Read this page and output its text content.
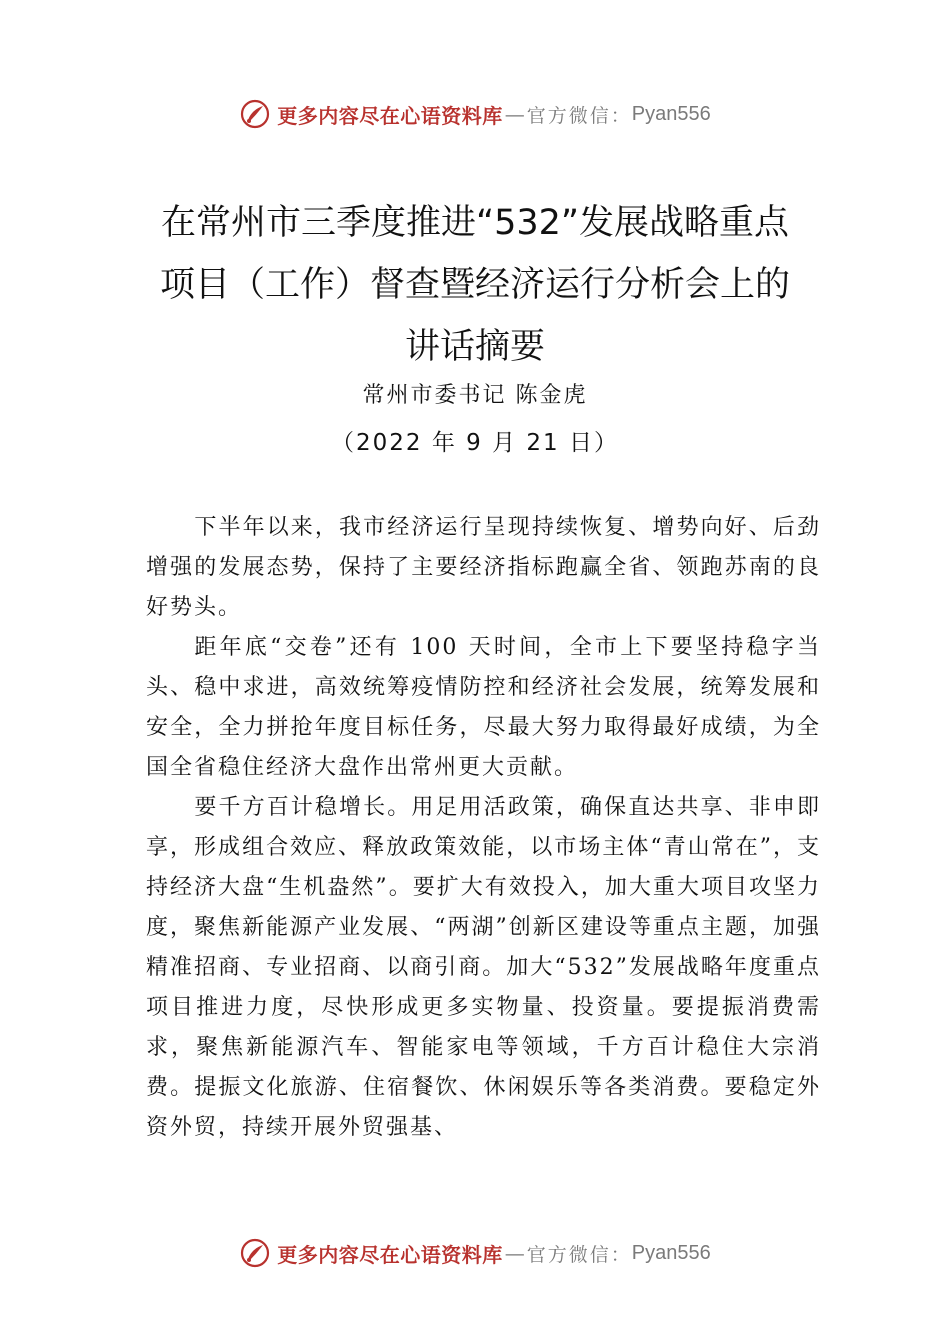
更多内容尽在心语资料库 — 官方微信： Pyan556
在常州市三季度推进“532”发展战略重点
项目（工作）督查暨经济运行分析会上的
讲话摘要
常州市委书记 陈金虎
（2022 年 9 月 21 日）

下半年以来，我市经济运行呈现持续恢复、增势向好、后劲增强的发展态势，保持了主要经济指标跑赢全省、领跑苏南的良好势头。

距年底“交卷”还有 100 天时间，全市上下要坚持稳字当头、稳中求进，高效统筹疫情防控和经济社会发展，统筹发展和安全，全力拼抢年度目标任务，尽最大努力取得最好成绩，为全国全省稳住经济大盘作出常州更大贡献。

要千方百计稳增长。用足用活政策，确保直达共享、非申即享，形成组合效应、释放政策效能，以市场主体“青山常在”，支持经济大盘“生机盎然”。要扩大有效投入，加大重大项目攻坚力度，聚焦新能源产业发展、“两湖”创新区建设等重点主题，加强精准招商、专业招商、以商引商。加大“532”发展战略年度重点项目推进力度，尽快形成更多实物量、投资量。要提振消费需求，聚焦新能源汽车、智能家电等领域，千方百计稳住大宗消费。提振文化旅游、住宿餐饮、休闲娱乐等各类消费。要稳定外资外贸，持续开展外贸强基、

更多内容尽在心语资料库 — 官方微信： Pyan556
